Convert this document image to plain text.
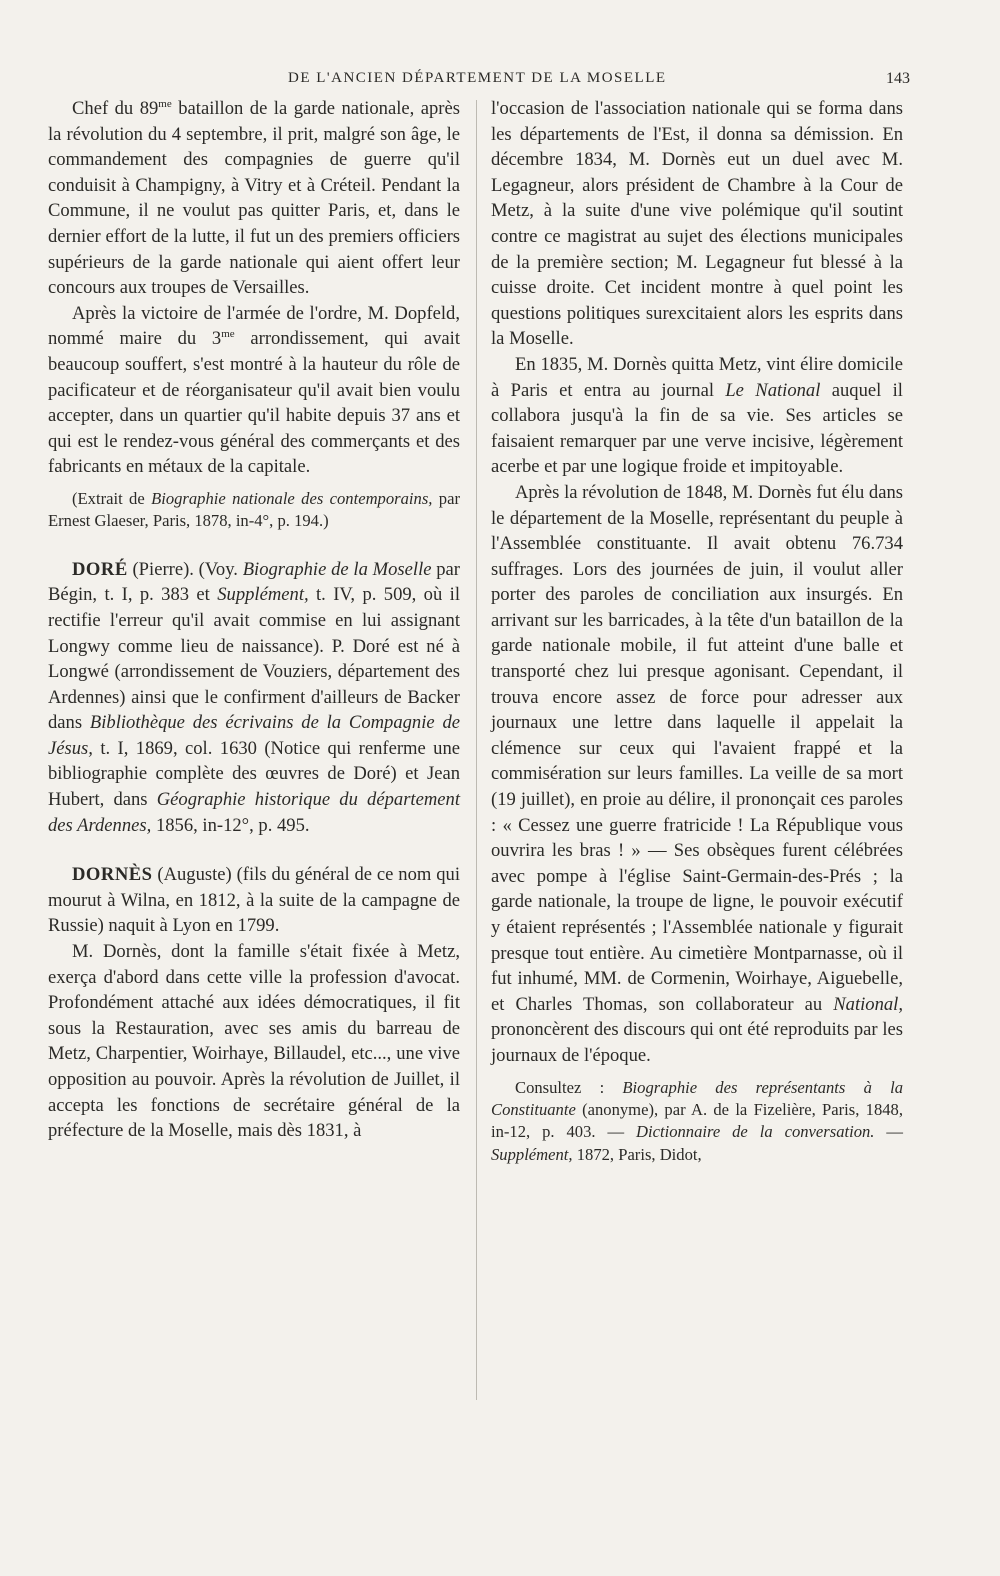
DE L'ANCIEN DÉPARTEMENT DE LA MOSELLE	143

Chef du $89^{me}$ bataillon de la garde nationale, après la révolution du 4 septembre, il prit, malgré son âge, le commandement des compagnies de guerre qu'il conduisit à Champigny, à Vitry et à Créteil. Pendant la Commune, il ne voulut pas quitter Paris, et, dans le dernier effort de la lutte, il fut un des premiers officiers supérieurs de la garde nationale qui aient offert leur concours aux troupes de Versailles.

Après la victoire de l'armée de l'ordre, M. Dopfeld, nommé maire du $3^{me}$ arrondissement, qui avait beaucoup souffert, s'est montré à la hauteur du rôle de pacificateur et de réorganisateur qu'il avait bien voulu accepter, dans un quartier qu'il habite depuis 37 ans et qui est le rendez-vous général des commerçants et des fabricants en métaux de la capitale.

(Extrait de Biographie nationale des contemporains, par Ernest Glaeser, Paris, 1878, in-4°, p. 194.)

DORÉ (Pierre). (Voy. Biographie de la Moselle par Bégin, t. I, p. 383 et Supplément, t. IV, p. 509, où il rectifie l'erreur qu'il avait commise en lui assignant Longwy comme lieu de naissance). P. Doré est né à Longwé (arrondissement de Vouziers, département des Ardennes) ainsi que le confirment d'ailleurs de Backer dans Bibliothèque des écrivains de la Compagnie de Jésus, t. I, 1869, col. 1630 (Notice qui renferme une bibliographie complète des œuvres de Doré) et Jean Hubert, dans Géographie historique du département des Ardennes, 1856, in-12°, p. 495.

DORNÈS (Auguste) (fils du général de ce nom qui mourut à Wilna, en 1812, à la suite de la campagne de Russie) naquit à Lyon en 1799.

M. Dornès, dont la famille s'était fixée à Metz, exerça d'abord dans cette ville la profession d'avocat. Profondément attaché aux idées démocratiques, il fit sous la Restauration, avec ses amis du barreau de Metz, Charpentier, Woirhaye, Billaudel, etc..., une vive opposition au pouvoir. Après la révolution de Juillet, il accepta les fonctions de secrétaire général de la préfecture de la Moselle, mais dès 1831, à

l'occasion de l'association nationale qui se forma dans les départements de l'Est, il donna sa démission. En décembre 1834, M. Dornès eut un duel avec M. Legagneur, alors président de Chambre à la Cour de Metz, à la suite d'une vive polémique qu'il soutint contre ce magistrat au sujet des élections municipales de la première section; M. Legagneur fut blessé à la cuisse droite. Cet incident montre à quel point les questions politiques surexcitaient alors les esprits dans la Moselle.

En 1835, M. Dornès quitta Metz, vint élire domicile à Paris et entra au journal Le National auquel il collabora jusqu'à la fin de sa vie. Ses articles se faisaient remarquer par une verve incisive, légèrement acerbe et par une logique froide et impitoyable.

Après la révolution de 1848, M. Dornès fut élu dans le département de la Moselle, représentant du peuple à l'Assemblée constituante. Il avait obtenu 76.734 suffrages. Lors des journées de juin, il voulut aller porter des paroles de conciliation aux insurgés. En arrivant sur les barricades, à la tête d'un bataillon de la garde nationale mobile, il fut atteint d'une balle et transporté chez lui presque agonisant. Cependant, il trouva encore assez de force pour adresser aux journaux une lettre dans laquelle il appelait la clémence sur ceux qui l'avaient frappé et la commisération sur leurs familles. La veille de sa mort (19 juillet), en proie au délire, il prononçait ces paroles : « Cessez une guerre fratricide ! La République vous ouvrira les bras ! » — Ses obsèques furent célébrées avec pompe à l'église Saint-Germain-des-Prés ; la garde nationale, la troupe de ligne, le pouvoir exécutif y étaient représentés ; l'Assemblée nationale y figurait presque tout entière. Au cimetière Montparnasse, où il fut inhumé, MM. de Cormenin, Woirhaye, Aiguebelle, et Charles Thomas, son collaborateur au National, prononcèrent des discours qui ont été reproduits par les journaux de l'époque.

Consultez : Biographie des représentants à la Constituante (anonyme), par A. de la Fizelière, Paris, 1848, in-12, p. 403. — Dictionnaire de la conversation. — Supplément, 1872, Paris, Didot,
